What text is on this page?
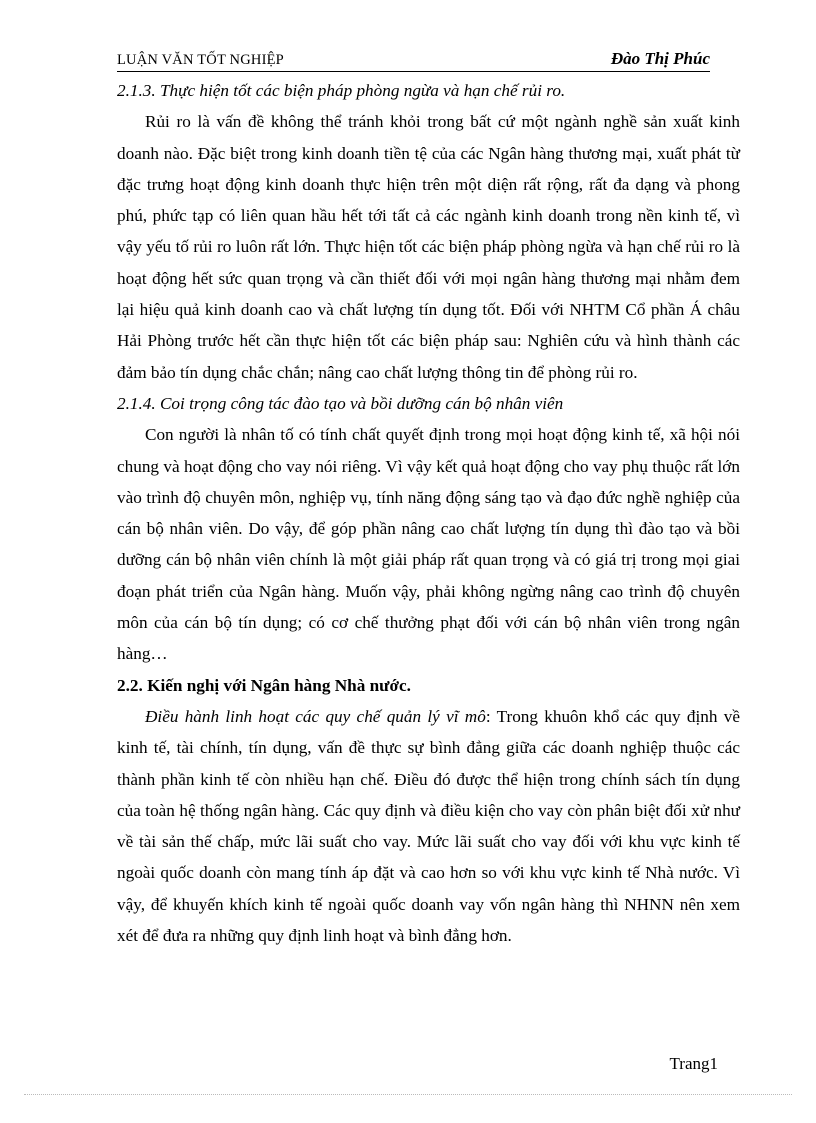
LUẬN VĂN TỐT NGHIỆP	Đào Thị Phúc
2.1.3. Thực hiện tốt các biện pháp phòng ngừa và hạn chế rủi ro.

Rủi ro là vấn đề không thể tránh khỏi trong bất cứ một ngành nghề sản xuất kinh doanh nào. Đặc biệt trong kinh doanh tiền tệ của các Ngân hàng thương mại, xuất phát từ đặc trưng hoạt động kinh doanh thực hiện trên một diện rất rộng, rất đa dạng và phong phú, phức tạp có liên quan hầu hết tới tất cả các ngành kinh doanh trong nền kinh tế, vì vậy yếu tố rủi ro luôn rất lớn. Thực hiện tốt các biện pháp phòng ngừa và hạn chế rủi ro là hoạt động hết sức quan trọng và cần thiết đối với mọi ngân hàng thương mại nhằm đem lại hiệu quả kinh doanh cao và chất lượng tín dụng tốt. Đối với NHTM Cổ phần Á châu Hải Phòng trước hết cần thực hiện tốt các biện pháp sau: Nghiên cứu và hình thành các đảm bảo tín dụng chắc chắn; nâng cao chất lượng thông tin để phòng rủi ro.

2.1.4. Coi trọng công tác đào tạo và bồi dưỡng cán bộ nhân viên

Con người là nhân tố có tính chất quyết định trong mọi hoạt động kinh tế, xã hội nói chung và hoạt động cho vay nói riêng. Vì vậy kết quả hoạt động cho vay phụ thuộc rất lớn vào trình độ chuyên môn, nghiệp vụ, tính năng động sáng tạo và đạo đức nghề nghiệp của cán bộ nhân viên. Do vậy, để góp phần nâng cao chất lượng tín dụng thì đào tạo và bồi dưỡng cán bộ nhân viên chính là một giải pháp rất quan trọng và có giá trị trong mọi giai đoạn phát triển của Ngân hàng. Muốn vậy, phải không ngừng nâng cao trình độ chuyên môn của cán bộ tín dụng; có cơ chế thưởng phạt đối với cán bộ nhân viên trong ngân hàng…

2.2. Kiến nghị với Ngân hàng Nhà nước.

Điều hành linh hoạt các quy chế quản lý vĩ mô: Trong khuôn khổ các quy định về kinh tế, tài chính, tín dụng, vấn đề thực sự bình đẳng giữa các doanh nghiệp thuộc các thành phần kinh tế còn nhiều hạn chế. Điều đó được thể hiện trong chính sách tín dụng của toàn hệ thống ngân hàng. Các quy định và điều kiện cho vay còn phân biệt đối xử như về tài sản thế chấp, mức lãi suất cho vay. Mức lãi suất cho vay đối với khu vực kinh tế ngoài quốc doanh còn mang tính áp đặt và cao hơn so với khu vực kinh tế Nhà nước. Vì vậy, để khuyến khích kinh tế ngoài quốc doanh vay vốn ngân hàng thì NHNN nên xem xét để đưa ra những quy định linh hoạt và bình đẳng hơn.

Trang1
